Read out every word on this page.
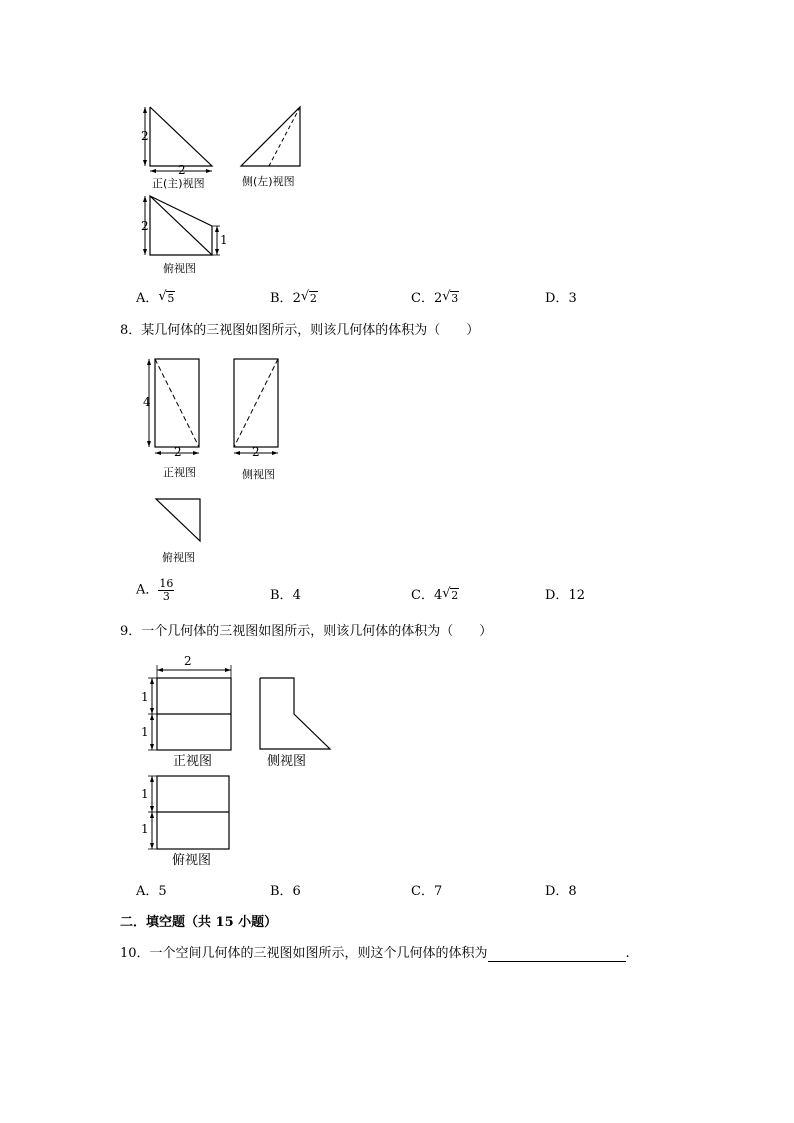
2
2
正(主)视图	侧(左)视图
2
1
俯视图
A． √ 5	B．2 √ 2	C．2 √ 3	D．3
8．某几何体的三视图如图所示，则该几何体的体积为（　　）
4
2
正视图
2
侧视图
俯视图
A． $\frac{16}{3}$	B．4	C．4 √ 2	D．12
9．一个几何体的三视图如图所示，则该几何体的体积为（　　）
2
1
1
正视图	侧视图
1
1
俯视图
A．5	B．6	C．7	D．8
二．填空题（共 15 小题）
10．一个空间几何体的三视图如图所示，则这个几何体的体积为	.
